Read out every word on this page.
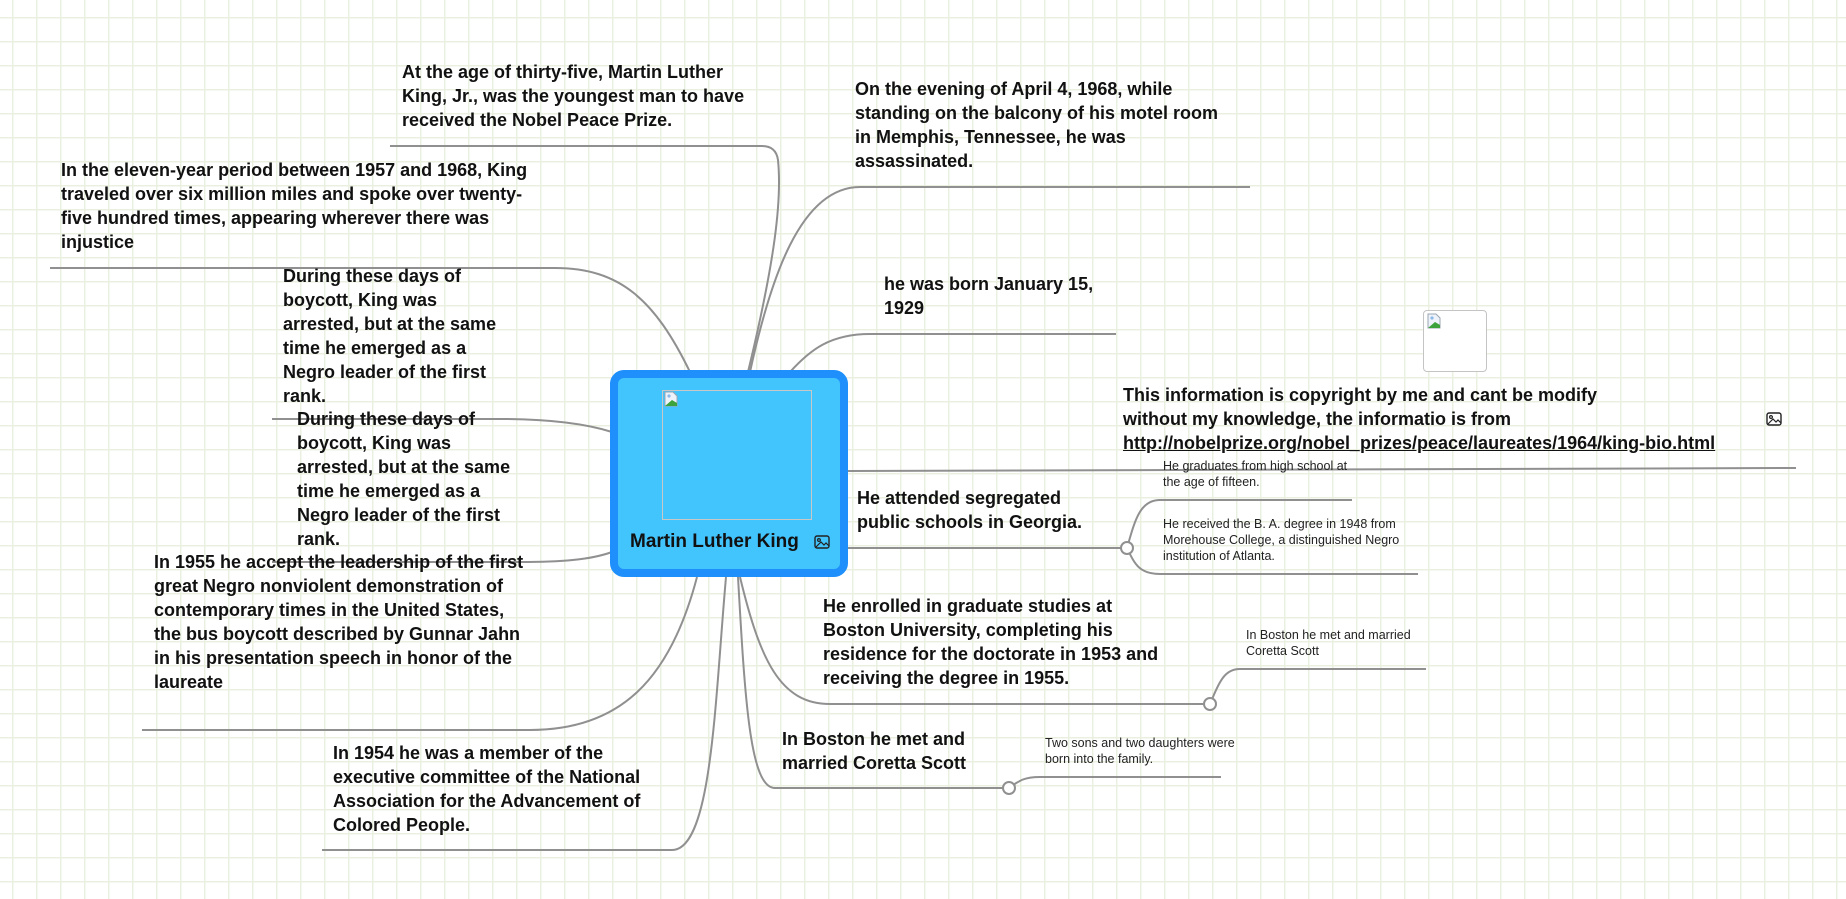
Martin Luther King
At the age of thirty-five, Martin Luther King, Jr., was the youngest man to have received the Nobel Peace Prize.
In the eleven-year period between 1957 and 1968, King traveled over six million miles and spoke over twenty-five hundred times, appearing wherever there was injustice
During these days of boycott, King was arrested, but at the same time he emerged as a Negro leader of the first rank.
During these days of boycott, King was arrested, but at the same time he emerged as a Negro leader of the first rank.
In 1955 he accept the leadership of the first great Negro nonviolent demonstration of contemporary times in the United States, the bus boycott described by Gunnar Jahn in his presentation speech in honor of the laureate
In 1954 he was a member of the executive committee of the National Association for the Advancement of Colored People.
On the evening of April 4, 1968, while standing on the balcony of his motel room in Memphis, Tennessee, he was assassinated.
he was born January 15, 1929
This information is copyright by me and cant be modify without my knowledge, the informatio is from
http://nobelprize.org/nobel_prizes/peace/laureates/1964/king-bio.html
He attended segregated public schools in Georgia.
He graduates from high school at the age of fifteen.
He received the B. A. degree in 1948 from Morehouse College, a distinguished Negro institution of Atlanta.
He enrolled in graduate studies at Boston University, completing his residence for the doctorate in 1953 and receiving the degree in 1955.
In Boston he met and married Coretta Scott
In Boston he met and married Coretta Scott
Two sons and two daughters were born into the family.
